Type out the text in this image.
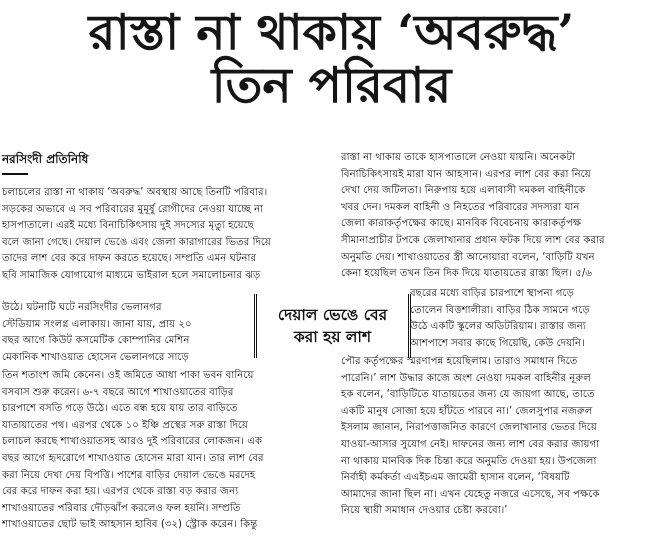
রাস্তা না থাকায় ‘অবরুদ্ধ’
তিন পরিবার
নরসিংদী প্রতিনিধি
চলাচলের রাস্তা না থাকায় ‘অবরুদ্ধ’ অবস্থায় আছে তিনটি পরিবার।
সড়কের অভাবে এ সব পরিবারের মুমূর্ষু রোগীদের নেওয়া যাচ্ছে না
হাসপাতালে। এরই মধ্যে বিনাচিকিৎসায় দুই সদস্যের মৃত্যু হয়েছে
বলে জানা গেছে। দেয়াল ভেঙে এবং জেলা কারাগারের ভিতর দিয়ে
তাদের লাশ বের করে দাফন করতে হয়েছে। সম্প্রতি এমন ঘটনার
ছবি সামাজিক যোগাযোগ মাধ্যমে ভাইরাল হলে সমালোচনার ঝড়
উঠে। ঘটনাটি ঘটে নরসিংদীর ভেলানগর
স্টেডিয়াম সংলগ্ন এলাকায়। জানা যায়, প্রায় ২০
বছর আগে কিউট কসমেটিক কোম্পানির মেশিন
মেকানিক শাখাওয়াত হোসেন ভেলানগরে সাড়ে
তিন শতাংশ জমি কেনেন। ওই জমিতে আধা পাকা ভবন বানিয়ে
বসবাস শুরু করেন। ৬-৭ বছরে আগে শাখাওয়াতের বাড়ির
চারপাশে বসতি গড়ে উঠে। এতে বন্ধ হয়ে যায় তার বাড়িতে
যাতায়াতের পথ। এরপর থেকে ১০ ইঞ্চি প্রস্থের সরু রাস্তা দিয়ে
চলাচল করছে শাখাওয়াতসহ আরও দুই পরিবারের লোকজন। এক
বছর আগে হৃদরোগে শাখাওয়াত হোসেন মারা যান। তার লাশ বের
করা নিয়ে দেখা দেয় বিপত্তি। পাশের বাড়ির দেয়াল ভেঙে মরদেহ
বের করে দাফন করা হয়। এরপর থেকে রাস্তা বড় করার জন্য
শাখাওয়াতের পরিবার দৌড়ঝাঁপ করলেও ফল হয়নি। সম্প্রতি
শাখাওয়াতের ছোট ভাই আহসান হাবিব (৩২) স্ট্রোক করেন। কিন্তু
দেয়াল ভেঙে বের
করা হয় লাশ
রাস্তা না থাকায় তাকে হাসপাতালে নেওয়া যায়নি। অনেকটা
বিনাচিকিৎসায়ই মারা যান আহসান। এরপর লাশ বের করা নিয়ে
দেখা দেয় জটিলতা। নিরুপায় হয়ে এলাবাসী দমকল বাহিনীকে
খবর দেন। দমকল বাহিনী ও নিহতের পরিবারের সদস্যরা যান
জেলা কারাকর্তৃপক্ষের কাছে। মানবিক বিবেচনায় কারাকর্তৃপক্ষ
সীমানাপ্রাচীর টপকে জেলাখানার প্রধান ফটক দিয়ে লাশ বের করার
অনুমতি দেয়। শাখাওয়াতের স্ত্রী আনোয়ারা বলেন, ‘বাড়িটি যখন
কেনা হয়েছিল তখন তিন দিক দিয়ে যাতায়তের রাস্তা ছিল। ৫/৬
বছরের মধ্যে বাড়ির চারপাশে স্থাপনা গড়ে
তোলেন বিত্তশালীরা। বাড়ির ঠিক সামনে গড়ে
উঠে একটি স্কুলের অডিটরিয়াম। রাস্তার জন্য
আশপাশে সবার কাছে গিয়েছি, কেউ দেয়নি।
পৌর কর্তৃপক্ষের স্মরণাপন্ন হয়েছিলাম। তারাও সমাধান দিতে
পারেনি।’ লাশ উদ্ধার কাজে অংশ নেওয়া দমকল বাহিনীর নূরুল
হক বলেন, ‘বাড়িটিতে যাতায়তের জন্য যে জায়গা আছে, তাতে
একটি মানুষ সোজা হয়ে হাঁটতে পারবে না।’ জেলসুপার নজরুল
ইসলাম জানান, নিরাপত্তাজনিত কারণে জেলাখানার ভেতর দিয়ে
যাওয়া-আসার সুযোগ নেই। দাফনের জন্য লাশ বের করার জায়গা
না থাকায় মানবিক দিক চিন্তা করে অনুমতি দেওয়া হয়। উপজেলা
নির্বাহী কর্মকর্তা এএইচএম জামেরী হাসান বলেন, ‘বিষয়টি
আমাদের জানা ছিল না। এখন যেহেতু নজরে এসেছে, সব পক্ষকে
নিয়ে স্থায়ী সমাধান দেওয়ার চেষ্টা করবো।’
